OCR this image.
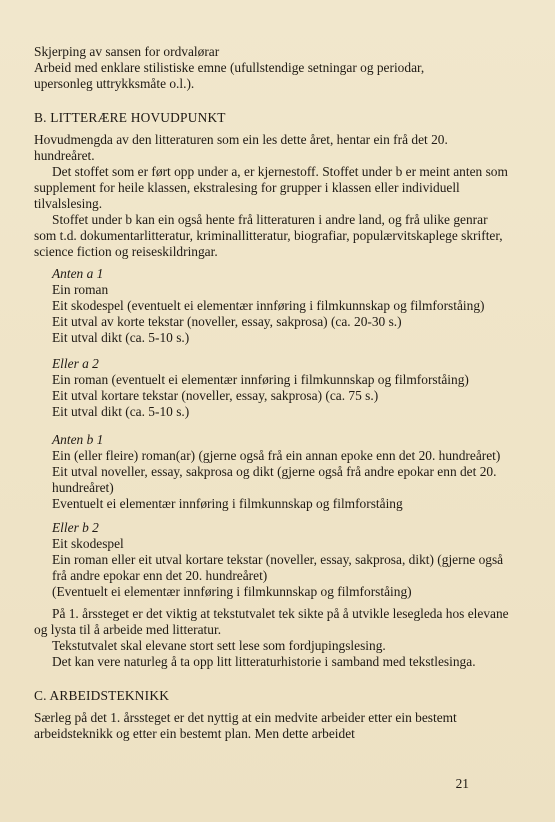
Skjerping av sansen for ordvalørar
Arbeid med enklare stilistiske emne (ufullstendige setningar og periodar,
upersonleg uttrykksmåte o.l.).
B. LITTERÆRE HOVUDPUNKT

Hovudmengda av den litteraturen som ein les dette året, hentar ein frå det 20. hundreåret.

Det stoffet som er ført opp under a, er kjernestoff. Stoffet under b er meint anten som supplement for heile klassen, ekstralesing for grupper i klassen eller individuell tilvalslesing.

Stoffet under b kan ein også hente frå litteraturen i andre land, og frå ulike genrar som t.d. dokumentarlitteratur, kriminallitteratur, biografiar, populærvitskaplege skrifter, science fiction og reiseskildringar.

Anten a 1
Ein roman
Eit skodespel (eventuelt ei elementær innføring i filmkunnskap og filmforståing)
Eit utval av korte tekstar (noveller, essay, sakprosa) (ca. 20-30 s.)
Eit utval dikt (ca. 5-10 s.)
Eller a 2
Ein roman (eventuelt ei elementær innføring i filmkunnskap og filmforståing)
Eit utval kortare tekstar (noveller, essay, sakprosa) (ca. 75 s.)
Eit utval dikt (ca. 5-10 s.)
Anten b 1
Ein (eller fleire) roman(ar) (gjerne også frå ein annan epoke enn det 20. hundreåret)
Eit utval noveller, essay, sakprosa og dikt (gjerne også frå andre epokar enn det 20. hundreåret)
Eventuelt ei elementær innføring i filmkunnskap og filmforståing
Eller b 2
Eit skodespel
Ein roman eller eit utval kortare tekstar (noveller, essay, sakprosa, dikt) (gjerne også frå andre epokar enn det 20. hundreåret)
(Eventuelt ei elementær innføring i filmkunnskap og filmforståing)

På 1. årssteget er det viktig at tekstutvalet tek sikte på å utvikle lesegleda hos elevane og lysta til å arbeide med litteratur.

Tekstutvalet skal elevane stort sett lese som fordjupingslesing.

Det kan vere naturleg å ta opp litt litteraturhistorie i samband med tekstlesinga.

C. ARBEIDSTEKNIKK

Særleg på det 1. årssteget er det nyttig at ein medvite arbeider etter ein bestemt arbeidsteknikk og etter ein bestemt plan. Men dette arbeidet

21
